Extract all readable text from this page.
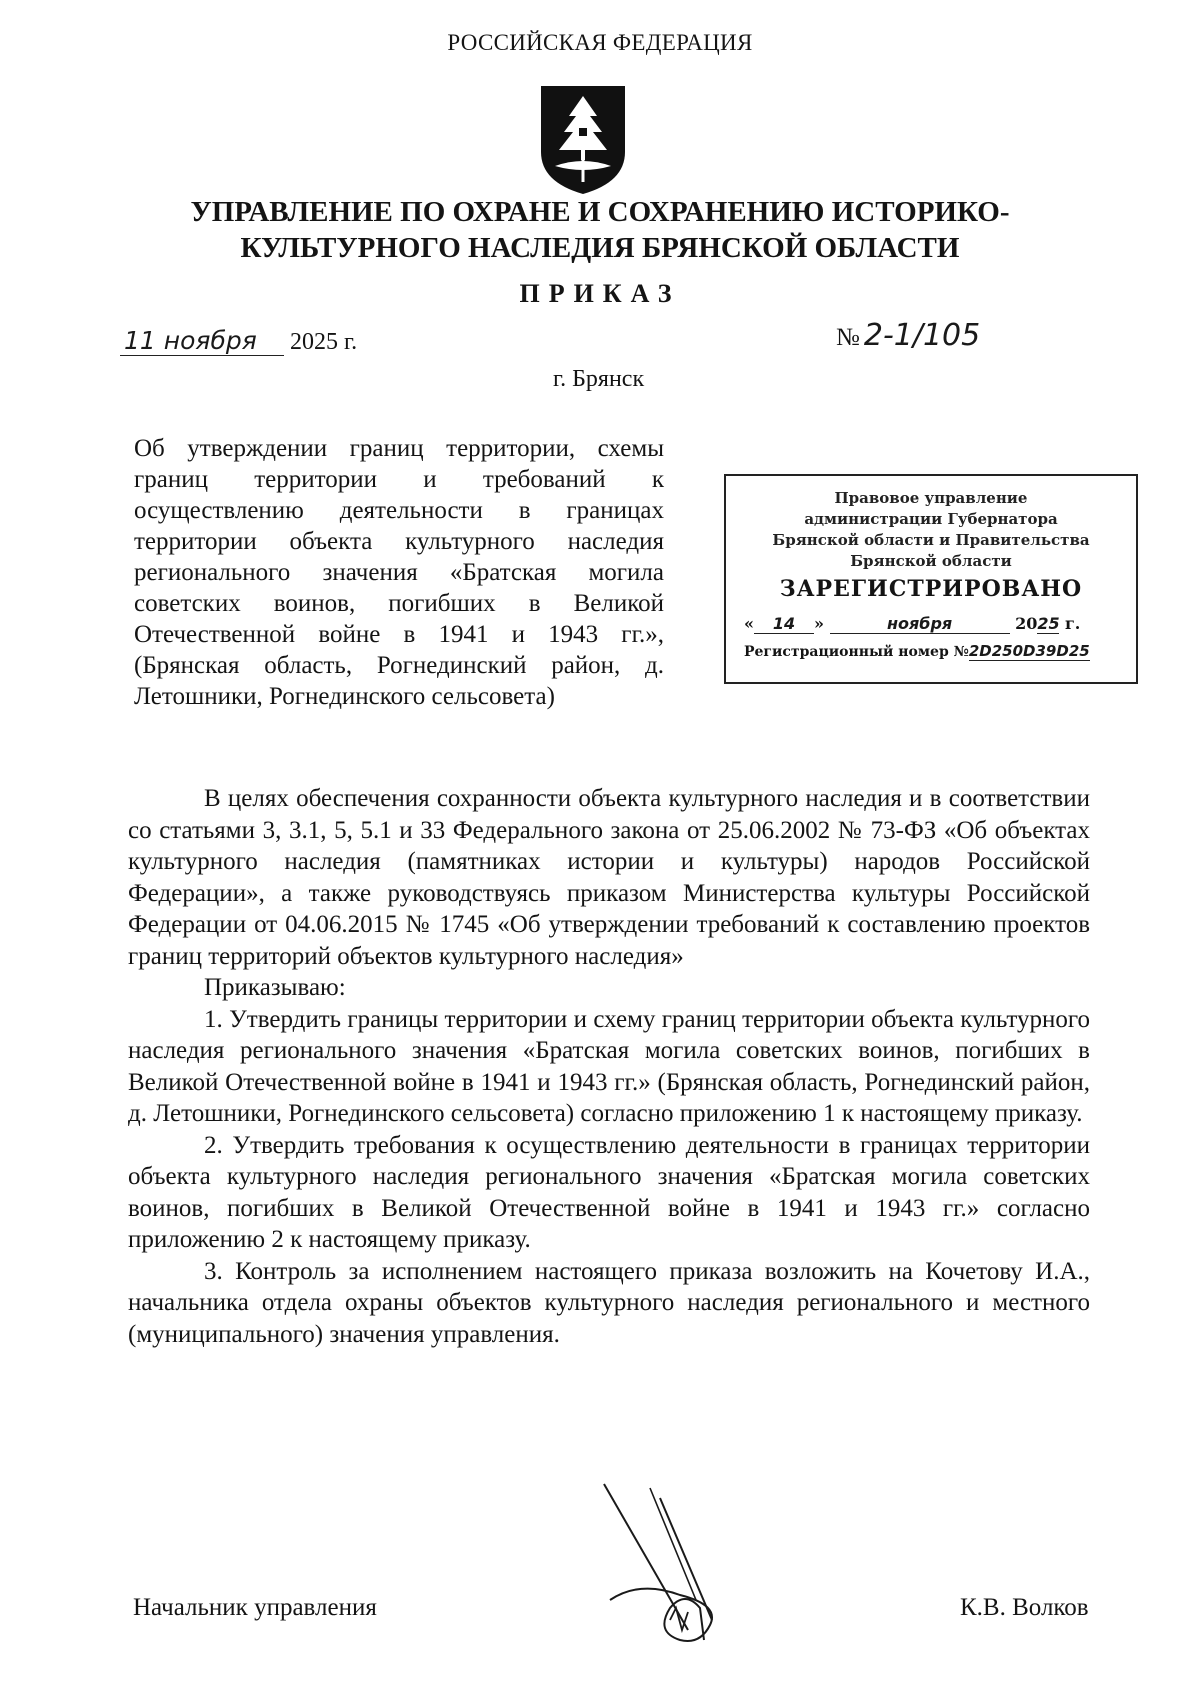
РОССИЙСКАЯ ФЕДЕРАЦИЯ
УПРАВЛЕНИЕ ПО ОХРАНЕ И СОХРАНЕНИЮ ИСТОРИКО-
КУЛЬТУРНОГО НАСЛЕДИЯ БРЯНСКОЙ ОБЛАСТИ
ПРИКАЗ
11 ноября 2025 г.	№ 2-1/105
г. Брянск
Об утверждении границ территории, схемы границ территории и требований к осуществлению деятельности в границах территории объекта культурного наследия регионального значения «Братская могила советских воинов, погибших в Великой Отечественной войне в 1941 и 1943 гг.», (Брянская область, Рогнединский район, д. Летошники, Рогнединского сельсовета)
Правовое управление
администрации Губернатора
Брянской области и Правительства
Брянской области
ЗАРЕГИСТРИРОВАНО
« 14 »	ноября	2025 г.
Регистрационный номер №2D250D39D25

В целях обеспечения сохранности объекта культурного наследия и в соответствии со статьями 3, 3.1, 5, 5.1 и 33 Федерального закона от 25.06.2002 № 73-ФЗ «Об объектах культурного наследия (памятниках истории и культуры) народов Российской Федерации», а также руководствуясь приказом Министерства культуры Российской Федерации от 04.06.2015 № 1745 «Об утверждении требований к составлению проектов границ территорий объектов культурного наследия»

Приказываю:

1. Утвердить границы территории и схему границ территории объекта культурного наследия регионального значения «Братская могила советских воинов, погибших в Великой Отечественной войне в 1941 и 1943 гг.» (Брянская область, Рогнединский район, д. Летошники, Рогнединского сельсовета) согласно приложению 1 к настоящему приказу.

2. Утвердить требования к осуществлению деятельности в границах территории объекта культурного наследия регионального значения «Братская могила советских воинов, погибших в Великой Отечественной войне в 1941 и 1943 гг.» согласно приложению 2 к настоящему приказу.

3. Контроль за исполнением настоящего приказа возложить на Кочетову И.А., начальника отдела охраны объектов культурного наследия регионального и местного (муниципального) значения управления.

Начальник управления	К.В. Волков
